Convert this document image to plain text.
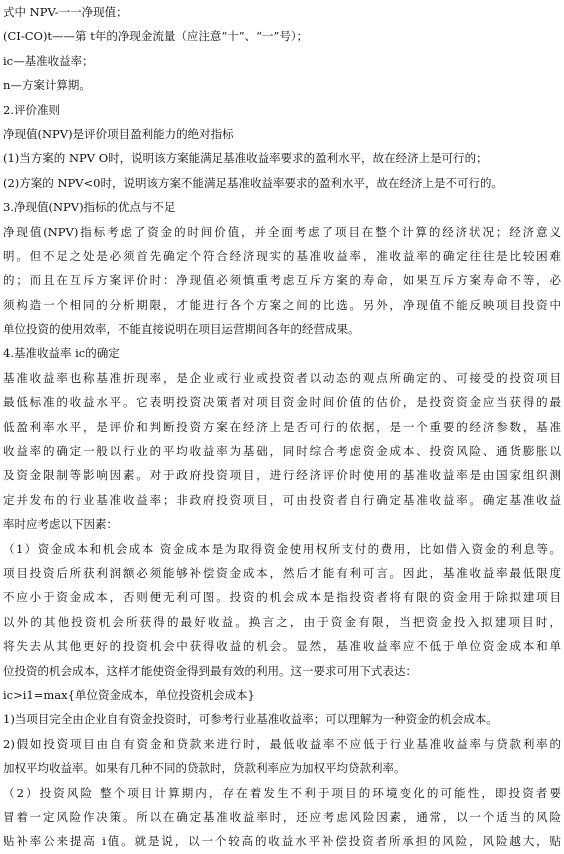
式中 NPV-一一净现值；
(CI-CO)t——第 t年的净现金流量（应注意“十”、“一”号）；
ic—基准收益率；
n—方案计算期。
2.评价准则
净现值(NPV)是评价项目盈利能力的绝对指标
(1)当方案的 NPV O时，说明该方案能满足基准收益率要求的盈利水平，故在经济上是可行的；
(2)方案的 NPV<0时，说明该方案不能满足基准收益率要求的盈利水平，故在经济上是不可行的。
3.净现值(NPV)指标的优点与不足
净现值(NPV)指标考虑了资金的时间价值，并全面考虑了项目在整个计算的经济状况；经济意义
明。但不足之处是必须首先确定个符合经济现实的基准收益率，准收益率的确定往往是比较困难
的；而且在互斥方案评价时：净现值必须慎重考虑互斥方案的寿命，如果互斥方案寿命不等，必
须构造一个相同的分析期限，才能进行各个方案之间的比选。另外，净现值不能反映项目投资中
单位投资的使用效率，不能直接说明在项目运营期间各年的经营成果。
4.基准收益率 ic的确定
基准收益率也称基准折现率，是企业或行业或投资者以动态的观点所确定的、可接受的投资项目
最低标准的收益水平。它表明投资决策者对项目资金时间价值的估价，是投资资金应当获得的最
低盈利率水平，是评价和判断投资方案在经济上是否可行的依据，是一个重要的经济参数，基准
收益率的确定一般以行业的平均收益率为基础，同时综合考虑资金成本、投资风险、通货膨胀以
及资金限制等影响因素。对于政府投资项目，进行经济评价时使用的基准收益率是由国家组织测
定并发布的行业基准收益率；非政府投资项目，可由投资者自行确定基准收益率。确定基准收益
率时应考虑以下因素：
（1）资金成本和机会成本 资金成本是为取得资金使用权所支付的费用，比如借入资金的利息等。
项目投资后所获利润额必须能够补偿资金成本，然后才能有利可言。因此，基准收益率最低限度
不应小于资金成本，否则便无利可图。投资的机会成本是指投资者将有限的资金用于除拟建项目
以外的其他投资机会所获得的最好收益。换言之，由于资金有限，当把资金投入拟建项目时，
将失去从其他更好的投资机会中获得收益的机会。显然，基准收益率应不低于单位资金成本和单
位投资的机会成本，这样才能使资金得到最有效的利用。这一要求可用下式表达：
ic>i1=max{单位资金成本，单位投资机会成本}
1)当项目完全由企业自有资金投资时，可参考行业基准收益率；可以理解为一种资金的机会成本。
2)假如投资项目由自有资金和贷款来进行时，最低收益率不应低于行业基准收益率与贷款利率的
加权平均收益率。如果有几种不同的贷款时，贷款利率应为加权平均贷款利率。
（2）投资风险 整个项目计算期内，存在着发生不利于项目的环境变化的可能性，即投资者要
冒着一定风险作决策。所以在确定基准收益率时，还应考虑风险因素，通常，以一个适当的风险
贴补率公来提高 i值。就是说，以一个较高的收益水平补偿投资者所承担的风险，风险越大，贴
